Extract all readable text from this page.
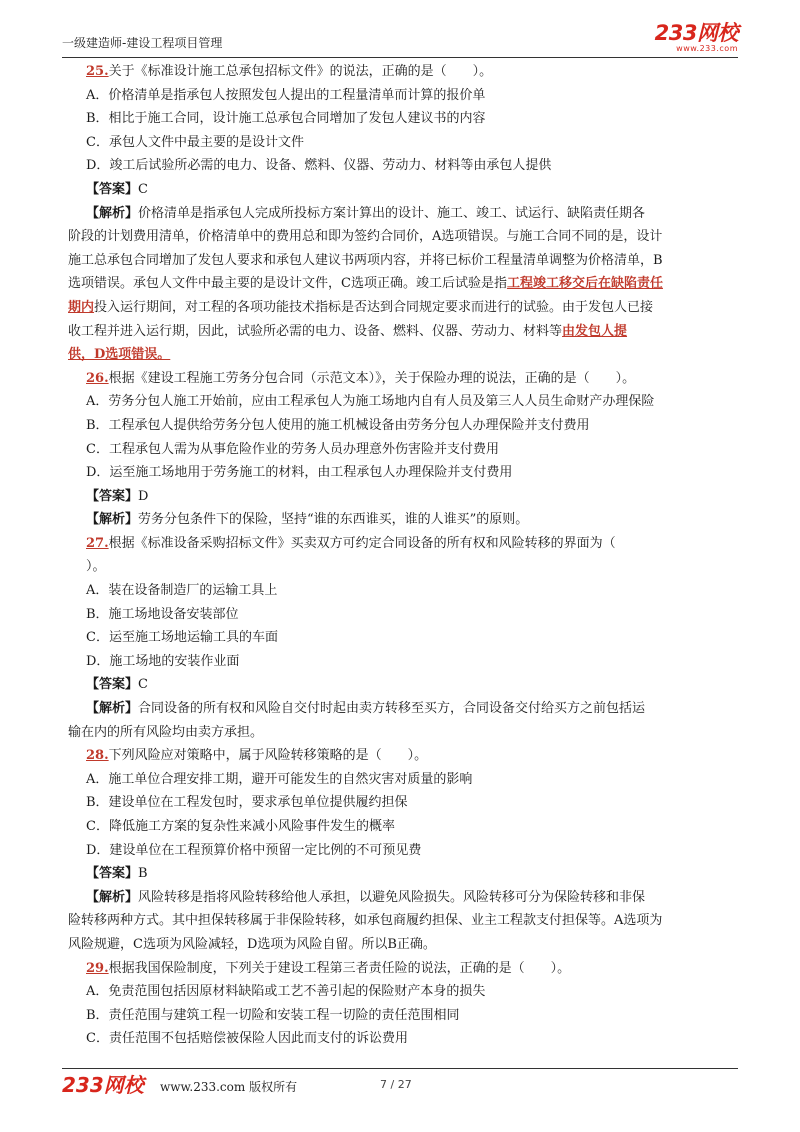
一级建造师-建设工程项目管理	233网校
www.233.com
25.关于《标准设计施工总承包招标文件》的说法，正确的是（　　）。
A．价格清单是指承包人按照发包人提出的工程量清单而计算的报价单
B．相比于施工合同，设计施工总承包合同增加了发包人建议书的内容
C．承包人文件中最主要的是设计文件
D．竣工后试验所必需的电力、设备、燃料、仪器、劳动力、材料等由承包人提供
【答案】C
【解析】价格清单是指承包人完成所投标方案计算出的设计、施工、竣工、试运行、缺陷责任期各
阶段的计划费用清单，价格清单中的费用总和即为签约合同价，A选项错误。与施工合同不同的是，设计
施工总承包合同增加了发包人要求和承包人建议书两项内容，并将已标价工程量清单调整为价格清单，B
选项错误。承包人文件中最主要的是设计文件，C选项正确。竣工后试验是指工程竣工移交后在缺陷责任
期内投入运行期间，对工程的各项功能技术指标是否达到合同规定要求而进行的试验。由于发包人已接
收工程并进入运行期，因此，试验所必需的电力、设备、燃料、仪器、劳动力、材料等由发包人提
供，D选项错误。
26.根据《建设工程施工劳务分包合同（示范文本）》，关于保险办理的说法，正确的是（　　）。
A．劳务分包人施工开始前，应由工程承包人为施工场地内自有人员及第三人人员生命财产办理保险
B．工程承包人提供给劳务分包人使用的施工机械设备由劳务分包人办理保险并支付费用
C．工程承包人需为从事危险作业的劳务人员办理意外伤害险并支付费用
D．运至施工场地用于劳务施工的材料，由工程承包人办理保险并支付费用
【答案】D
【解析】劳务分包条件下的保险，坚持“谁的东西谁买，谁的人谁买”的原则。
27.根据《标准设备采购招标文件》买卖双方可约定合同设备的所有权和风险转移的界面为（
）。
A．装在设备制造厂的运输工具上
B．施工场地设备安装部位
C．运至施工场地运输工具的车面
D．施工场地的安装作业面
【答案】C
【解析】合同设备的所有权和风险自交付时起由卖方转移至买方，合同设备交付给买方之前包括运
输在内的所有风险均由卖方承担。
28.下列风险应对策略中，属于风险转移策略的是（　　）。
A．施工单位合理安排工期，避开可能发生的自然灾害对质量的影响
B．建设单位在工程发包时，要求承包单位提供履约担保
C．降低施工方案的复杂性来减小风险事件发生的概率
D．建设单位在工程预算价格中预留一定比例的不可预见费
【答案】B
【解析】风险转移是指将风险转移给他人承担，以避免风险损失。风险转移可分为保险转移和非保
险转移两种方式。其中担保转移属于非保险转移，如承包商履约担保、业主工程款支付担保等。A选项为
风险规避，C选项为风险减轻，D选项为风险自留。所以B正确。
29.根据我国保险制度，下列关于建设工程第三者责任险的说法，正确的是（　　）。
A．免责范围包括因原材料缺陷或工艺不善引起的保险财产本身的损失
B．责任范围与建筑工程一切险和安装工程一切险的责任范围相同
C．责任范围不包括赔偿被保险人因此而支付的诉讼费用
233网校 www.233.com 版权所有	7 / 27
